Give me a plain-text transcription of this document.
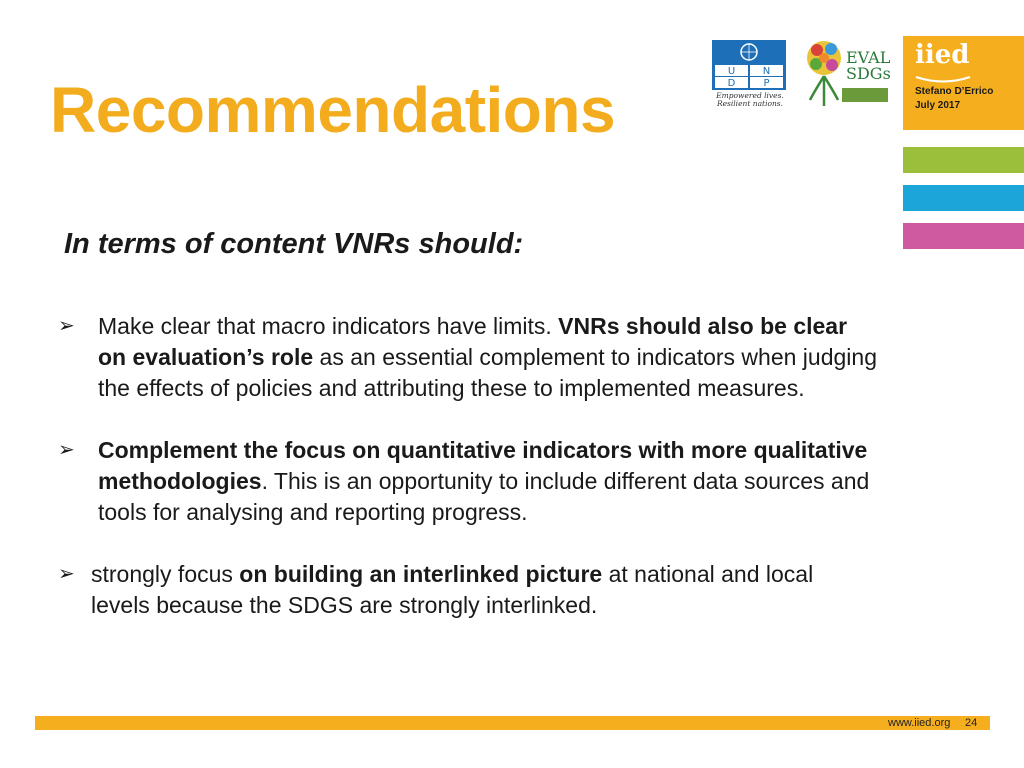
Recommendations
In terms of content VNRs should:
➢ Make clear that macro indicators have limits. VNRs should also be clear on evaluation’s role as an essential complement to indicators when judging the effects of policies and attributing these to implemented measures.
➢ Complement the focus on quantitative indicators with more qualitative methodologies. This is an opportunity to include different data sources and tools for analysing and reporting progress.
➢ strongly focus on building an interlinked picture at national and local levels because the SDGS are strongly interlinked.
U	N
D	P
Empowered lives.
Resilient nations.
EVAL
SDGs
iied
Stefano D’Errico
July 2017
www.iied.org 24
